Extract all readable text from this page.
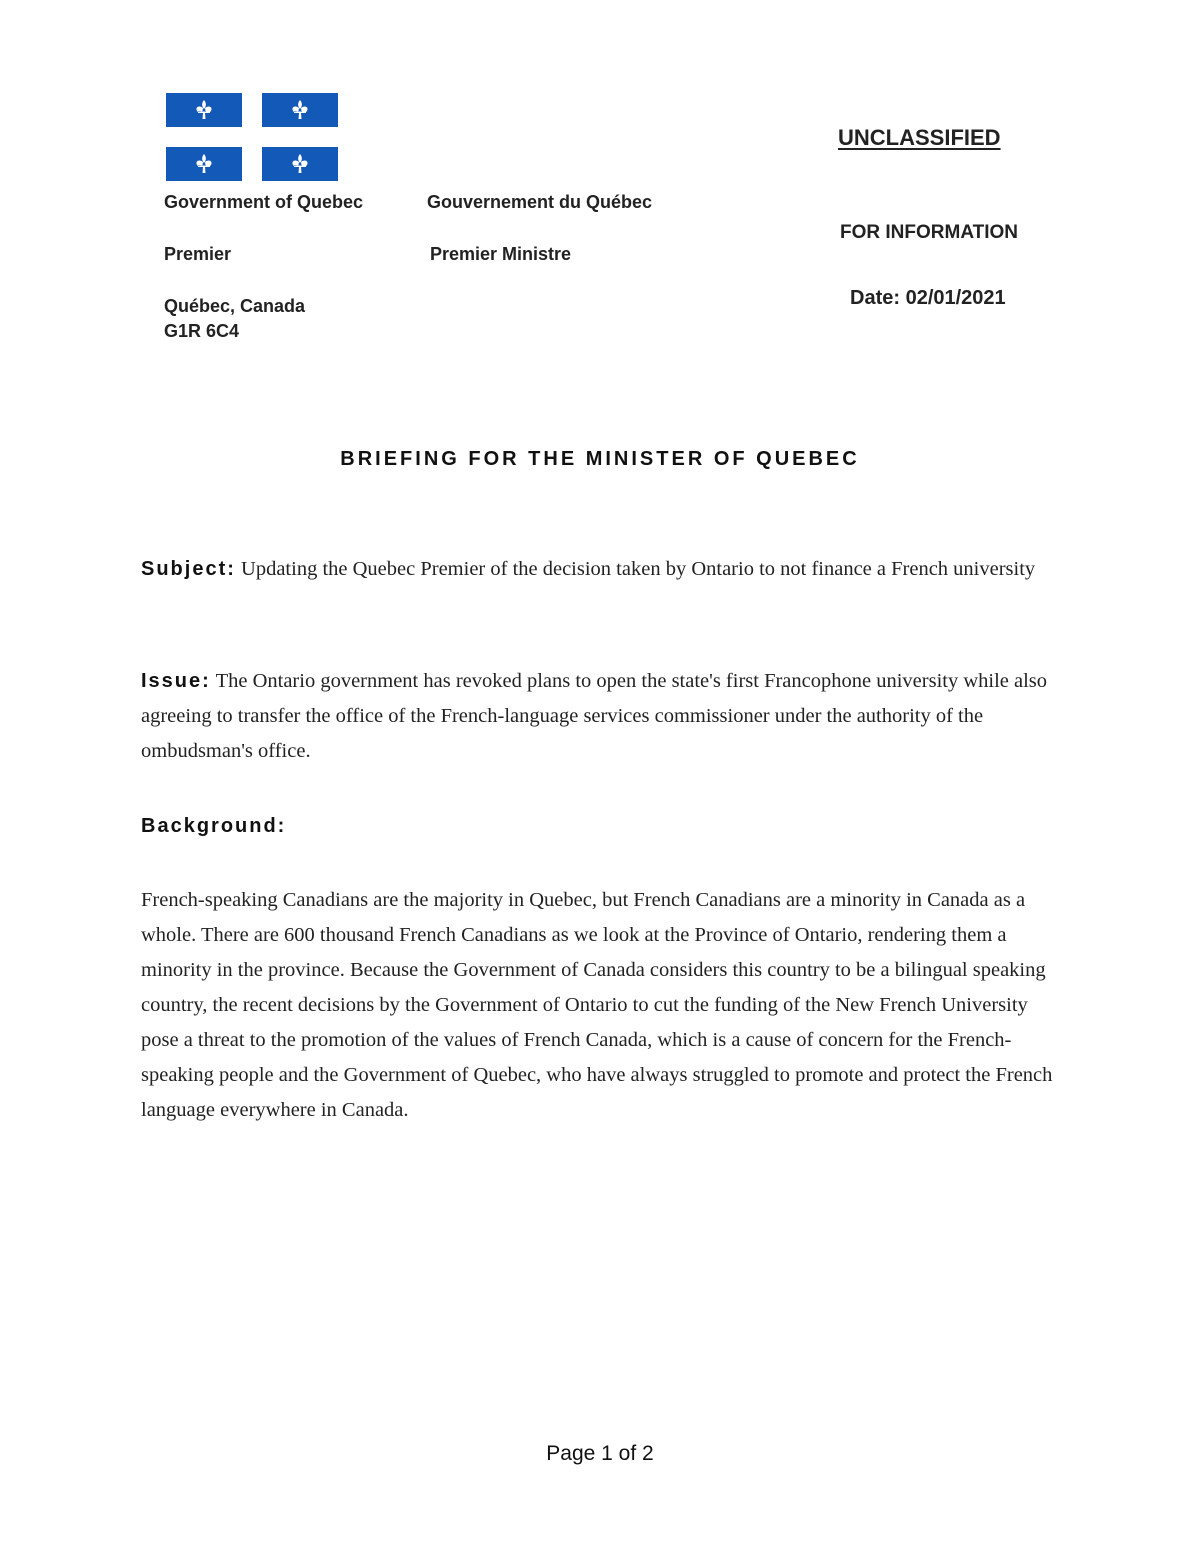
Government of Quebec
Premier
Québec, Canada
G1R 6C4
Gouvernement du Québec
Premier Ministre
UNCLASSIFIED
FOR INFORMATION
Date: 02/01/2021
BRIEFING FOR THE MINISTER OF QUEBEC
Subject: Updating the Quebec Premier of the decision taken by Ontario to not finance a French university
Issue: The Ontario government has revoked plans to open the state's first Francophone university while also agreeing to transfer the office of the French-language services commissioner under the authority of the ombudsman's office.
Background:
French-speaking Canadians are the majority in Quebec, but French Canadians are a minority in Canada as a whole. There are 600 thousand French Canadians as we look at the Province of Ontario, rendering them a minority in the province. Because the Government of Canada considers this country to be a bilingual speaking country, the recent decisions by the Government of Ontario to cut the funding of the New French University pose a threat to the promotion of the values of French Canada, which is a cause of concern for the French-speaking people and the Government of Quebec, who have always struggled to promote and protect the French language everywhere in Canada.
Page 1 of 2
